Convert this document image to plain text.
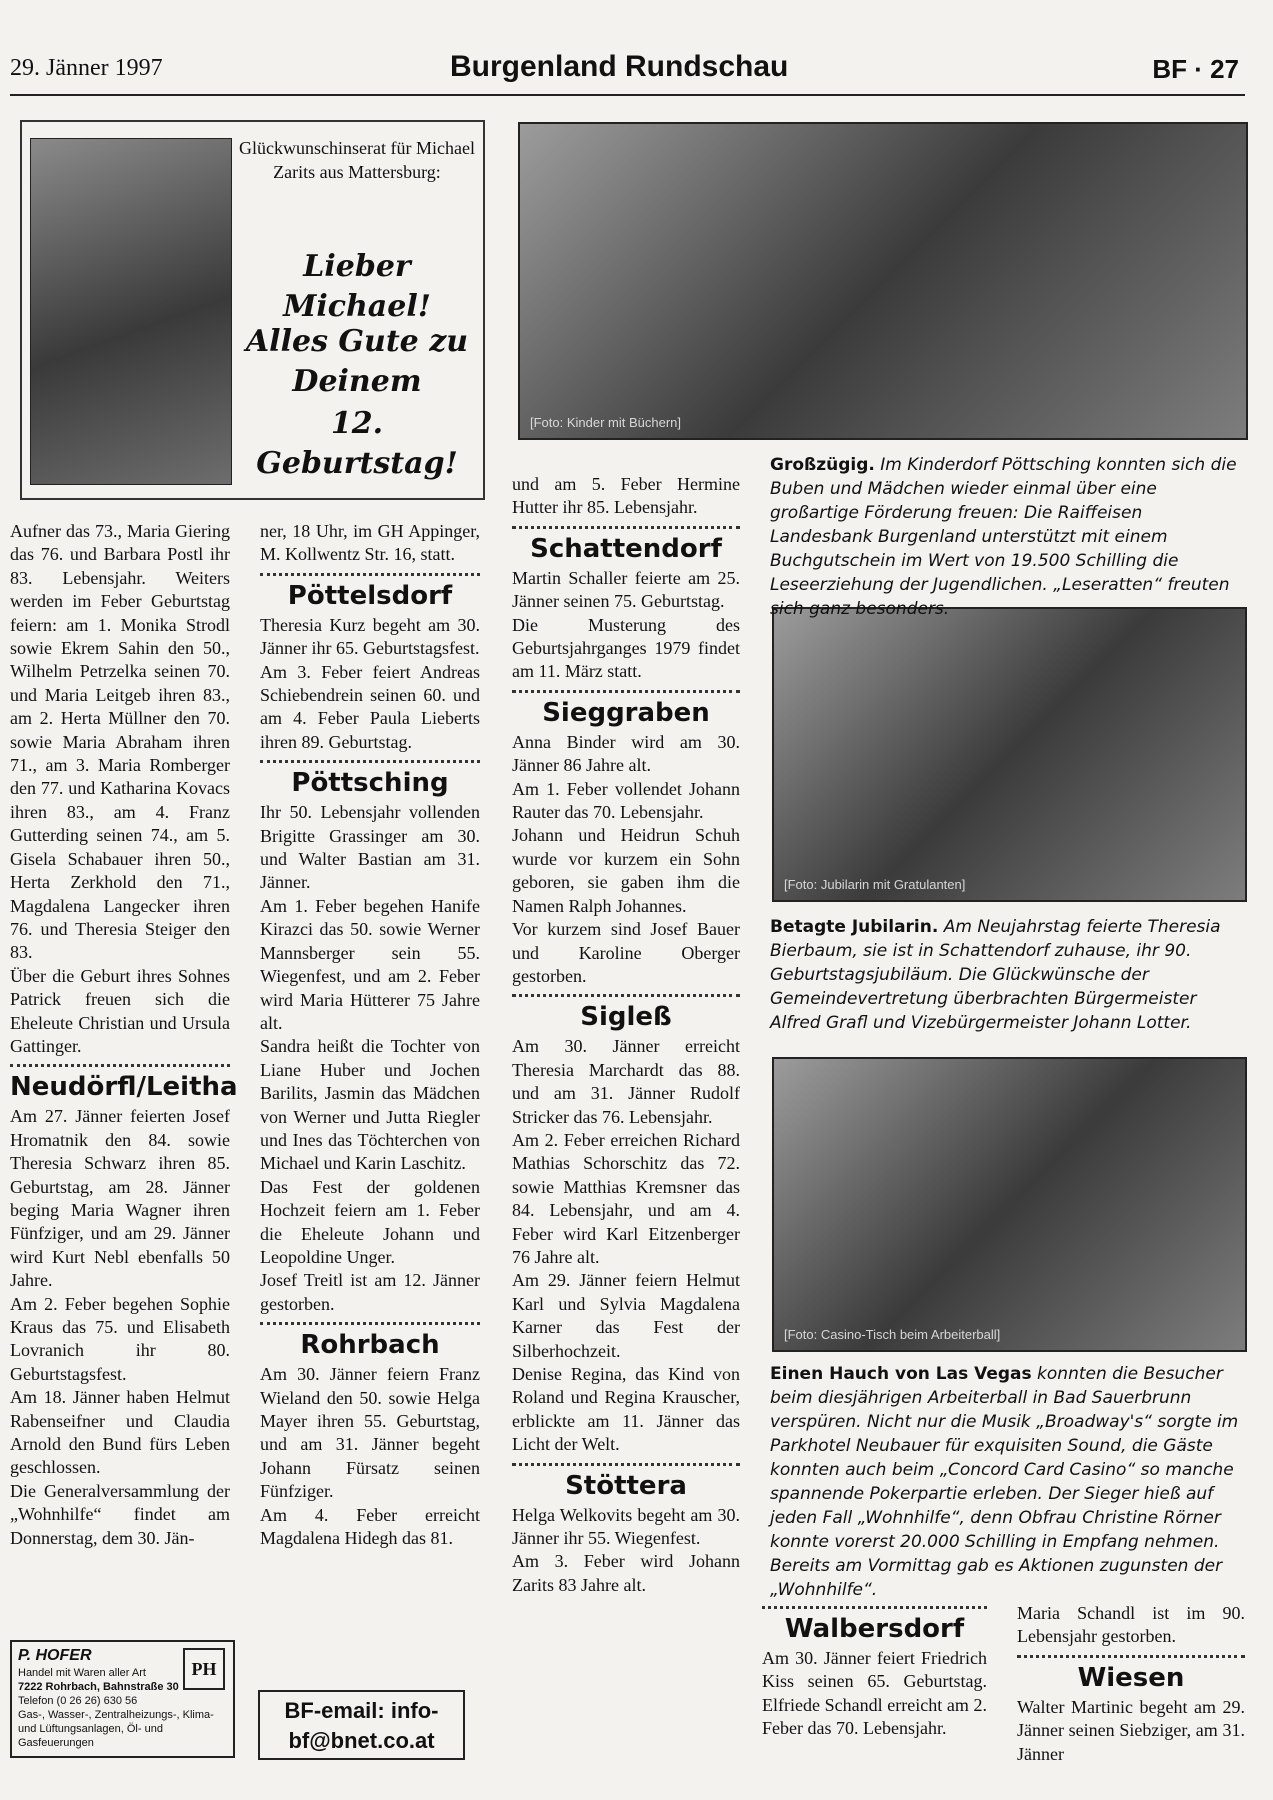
29. Jänner 1997	Burgenland Rundschau	BF · 27
Glückwunschinserat für Michael Zarits aus Mattersburg:
Lieber Michael!
Alles Gute zu
Deinem
12. Geburtstag!
[Foto: Kinder mit Büchern]
[Foto: Jubilarin mit Gratulanten]
[Foto: Casino-Tisch beim Arbeiterball]
Großzügig. Im Kinderdorf Pöttsching konnten sich die Buben und Mädchen wieder einmal über eine großartige Förderung freuen: Die Raiffeisen Landesbank Burgenland unterstützt mit einem Buchgutschein im Wert von 19.500 Schilling die Leseerziehung der Jugendlichen. „Leseratten“ freuten sich ganz besonders.
Betagte Jubilarin. Am Neujahrstag feierte Theresia Bierbaum, sie ist in Schattendorf zuhause, ihr 90. Geburtstagsjubiläum. Die Glückwünsche der Gemeindevertretung überbrachten Bürgermeister Alfred Grafl und Vizebürgermeister Johann Lotter.
Einen Hauch von Las Vegas konnten die Besucher beim diesjährigen Arbeiterball in Bad Sauerbrunn verspüren. Nicht nur die Musik „Broadway's“ sorgte im Parkhotel Neubauer für exquisiten Sound, die Gäste konnten auch beim „Concord Card Casino“ so manche spannende Pokerpartie erleben. Der Sieger hieß auf jeden Fall „Wohnhilfe“, denn Obfrau Christine Rörner konnte vorerst 20.000 Schilling in Empfang nehmen. Bereits am Vormittag gab es Aktionen zugunsten der „Wohnhilfe“.

Aufner das 73., Maria Giering das 76. und Barbara Postl ihr 83. Lebensjahr. Weiters werden im Feber Geburtstag feiern: am 1. Monika Strodl sowie Ekrem Sahin den 50., Wilhelm Petrzelka seinen 70. und Maria Leitgeb ihren 83., am 2. Herta Müllner den 70. sowie Maria Abraham ihren 71., am 3. Maria Romberger den 77. und Katharina Kovacs ihren 83., am 4. Franz Gutterding seinen 74., am 5. Gisela Schabauer ihren 50., Herta Zerkhold den 71., Magdalena Langecker ihren 76. und Theresia Steiger den 83.

Über die Geburt ihres Sohnes Patrick freuen sich die Eheleute Christian und Ursula Gattinger.

Neudörfl/Leitha

Am 27. Jänner feierten Josef Hromatnik den 84. sowie Theresia Schwarz ihren 85. Geburtstag, am 28. Jänner beging Maria Wagner ihren Fünfziger, und am 29. Jänner wird Kurt Nebl ebenfalls 50 Jahre.

Am 2. Feber begehen Sophie Kraus das 75. und Elisabeth Lovranich ihr 80. Geburtstagsfest.

Am 18. Jänner haben Helmut Rabenseifner und Claudia Arnold den Bund fürs Leben geschlossen.

Die Generalversammlung der „Wohnhilfe“ findet am Donnerstag, dem 30. Jän-

ner, 18 Uhr, im GH Appinger, M. Kollwentz Str. 16, statt.

Pöttelsdorf

Theresia Kurz begeht am 30. Jänner ihr 65. Geburtstagsfest.

Am 3. Feber feiert Andreas Schiebendrein seinen 60. und am 4. Feber Paula Lieberts ihren 89. Geburtstag.

Pöttsching

Ihr 50. Lebensjahr vollenden Brigitte Grassinger am 30. und Walter Bastian am 31. Jänner.

Am 1. Feber begehen Hanife Kirazci das 50. sowie Werner Mannsberger sein 55. Wiegenfest, und am 2. Feber wird Maria Hütterer 75 Jahre alt.

Sandra heißt die Tochter von Liane Huber und Jochen Barilits, Jasmin das Mädchen von Werner und Jutta Riegler und Ines das Töchterchen von Michael und Karin Laschitz.

Das Fest der goldenen Hochzeit feiern am 1. Feber die Eheleute Johann und Leopoldine Unger.

Josef Treitl ist am 12. Jänner gestorben.

Rohrbach

Am 30. Jänner feiern Franz Wieland den 50. sowie Helga Mayer ihren 55. Geburtstag, und am 31. Jänner begeht Johann Fürsatz seinen Fünfziger.

Am 4. Feber erreicht Magdalena Hidegh das 81.

und am 5. Feber Hermine Hutter ihr 85. Lebensjahr.

Schattendorf

Martin Schaller feierte am 25. Jänner seinen 75. Geburtstag.

Die Musterung des Geburtsjahrganges 1979 findet am 11. März statt.

Sieggraben

Anna Binder wird am 30. Jänner 86 Jahre alt.

Am 1. Feber vollendet Johann Rauter das 70. Lebensjahr.

Johann und Heidrun Schuh wurde vor kurzem ein Sohn geboren, sie gaben ihm die Namen Ralph Johannes.

Vor kurzem sind Josef Bauer und Karoline Oberger gestorben.

Sigleß

Am 30. Jänner erreicht Theresia Marchardt das 88. und am 31. Jänner Rudolf Stricker das 76. Lebensjahr.

Am 2. Feber erreichen Richard Mathias Schorschitz das 72. sowie Matthias Kremsner das 84. Lebensjahr, und am 4. Feber wird Karl Eitzenberger 76 Jahre alt.

Am 29. Jänner feiern Helmut Karl und Sylvia Magdalena Karner das Fest der Silberhochzeit.

Denise Regina, das Kind von Roland und Regina Krauscher, erblickte am 11. Jänner das Licht der Welt.

Stöttera

Helga Welkovits begeht am 30. Jänner ihr 55. Wiegenfest.

Am 3. Feber wird Johann Zarits 83 Jahre alt.

Walbersdorf

Am 30. Jänner feiert Friedrich Kiss seinen 65. Geburtstag. Elfriede Schandl erreicht am 2. Feber das 70. Lebensjahr.

Maria Schandl ist im 90. Lebensjahr gestorben.

Wiesen

Walter Martinic begeht am 29. Jänner seinen Siebziger, am 31. Jänner

PH
P. HOFER
Handel mit Waren aller Art
7222 Rohrbach, Bahnstraße 30
Telefon (0 26 26) 630 56
Gas-, Wasser-, Zentralheizungs-, Klima- und Lüftungsanlagen, Öl- und Gasfeuerungen
BF-email: info-
bf@bnet.co.at
